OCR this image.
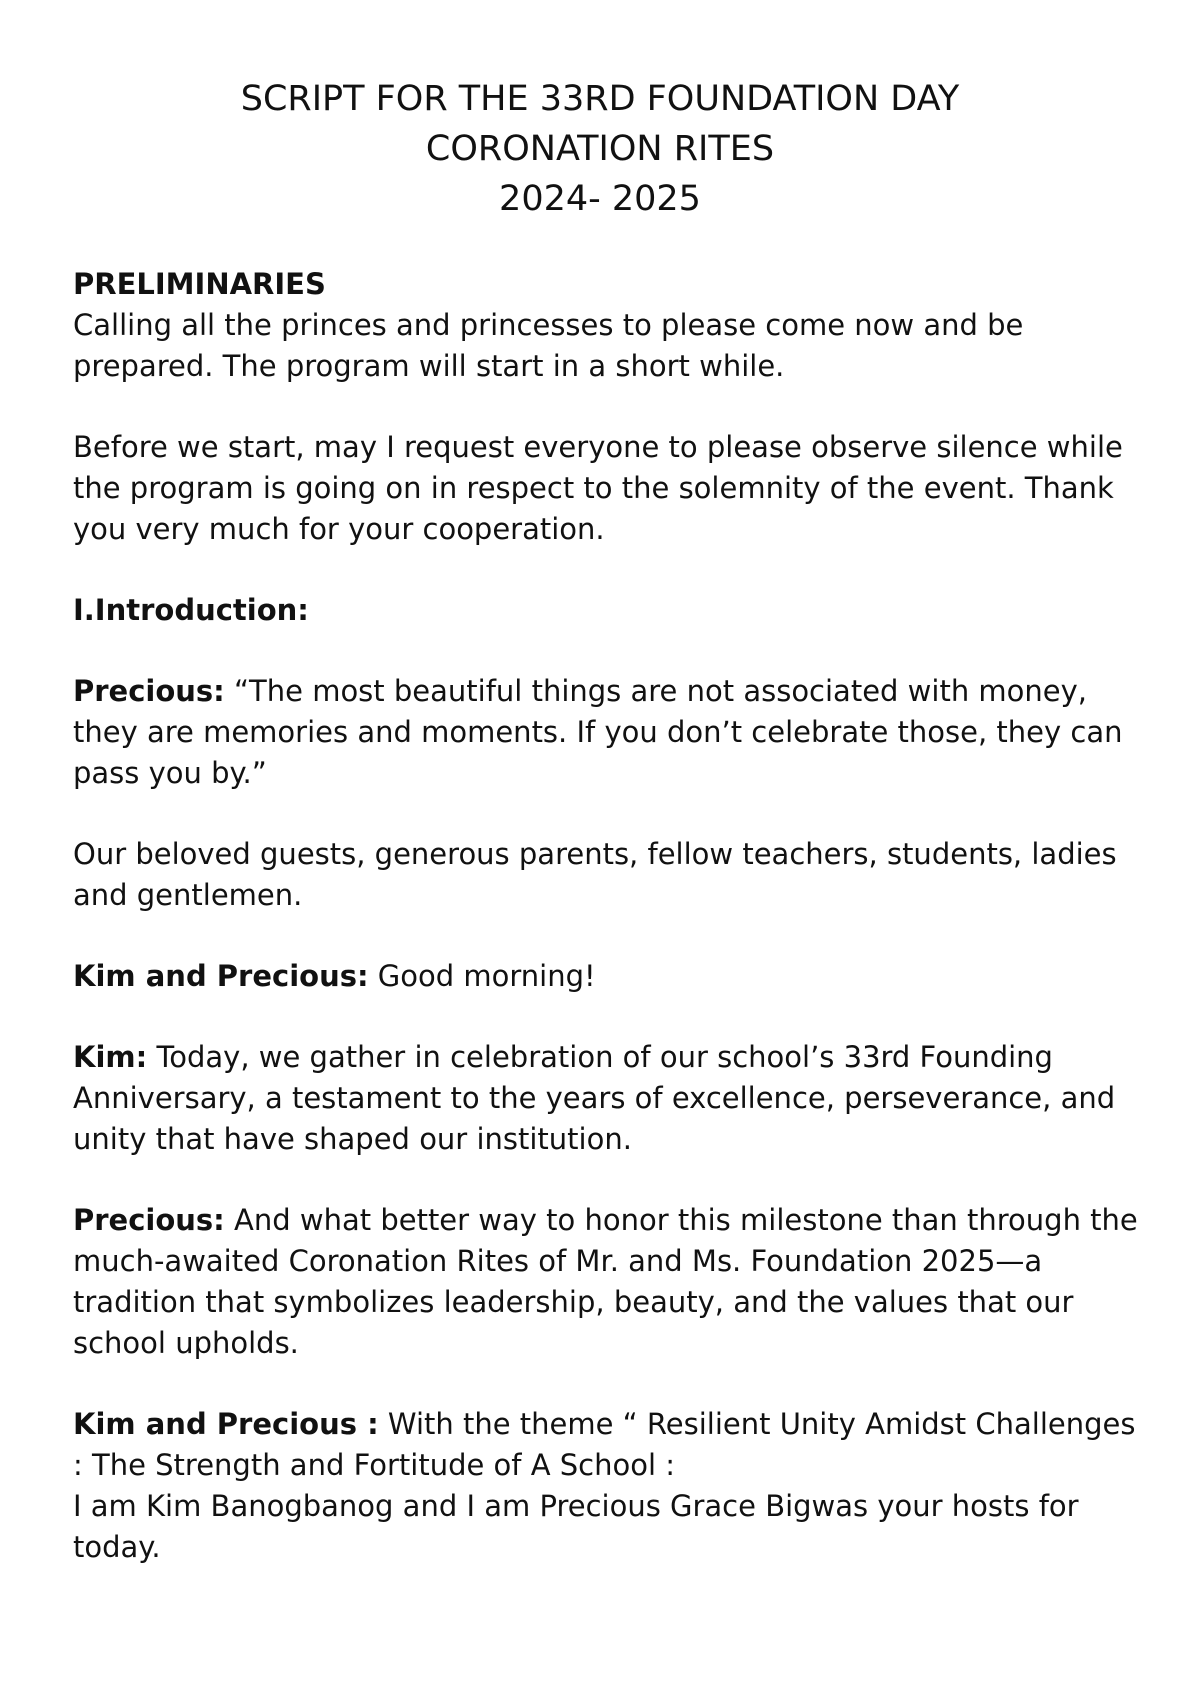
SCRIPT FOR THE 33RD FOUNDATION DAY
CORONATION RITES
2024- 2025
PRELIMINARIES
Calling all the princes and princesses to please come now and be prepared. The program will start in a short while.
Before we start, may I request everyone to please observe silence while the program is going on in respect to the solemnity of the event. Thank you very much for your cooperation.
I.Introduction:
Precious: “The most beautiful things are not associated with money, they are memories and moments. If you don’t celebrate those, they can pass you by.”
Our beloved guests, generous parents, fellow teachers, students, ladies and gentlemen.
Kim and Precious: Good morning!
Kim: Today, we gather in celebration of our school’s 33rd Founding Anniversary, a testament to the years of excellence, perseverance, and unity that have shaped our institution.
Precious: And what better way to honor this milestone than through the much-awaited Coronation Rites of Mr. and Ms. Foundation 2025—a tradition that symbolizes leadership, beauty, and the values that our school upholds.
Kim and Precious : With the theme “ Resilient Unity Amidst Challenges : The Strength and Fortitude of A School :
I am Kim Banogbanog and I am Precious Grace Bigwas your hosts for today.
